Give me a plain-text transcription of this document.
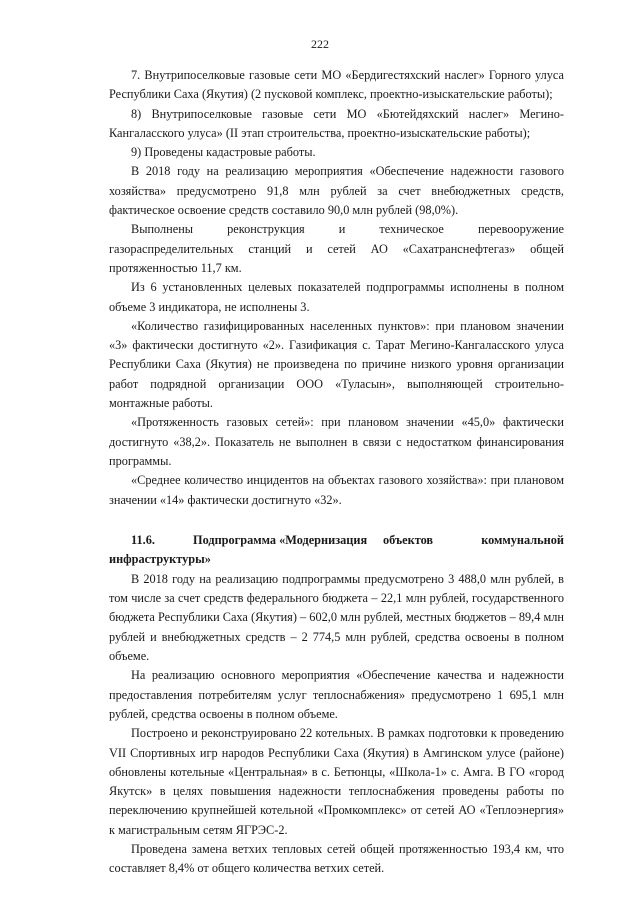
222

7. Внутрипоселковые газовые сети МО «Бердигестяхский наслег» Горного улуса Республики Саха (Якутия) (2 пусковой комплекс, проектно-изыскательские работы);

8) Внутрипоселковые газовые сети МО «Бютейдяхский наслег» Мегино-Кангаласского улуса» (II этап строительства, проектно-изыскательские работы);

9) Проведены кадастровые работы.

В 2018 году на реализацию мероприятия «Обеспечение надежности газового хозяйства» предусмотрено 91,8 млн рублей за счет внебюджетных средств, фактическое освоение средств составило 90,0 млн рублей (98,0%).

Выполнены реконструкция и техническое перевооружение газораспределительных станций и сетей АО «Сахатранснефтегаз» общей протяженностью 11,7 км.

Из 6 установленных целевых показателей подпрограммы исполнены в полном объеме 3 индикатора, не исполнены 3.

«Количество газифицированных населенных пунктов»: при плановом значении «3» фактически достигнуто «2». Газификация с. Тарат Мегино-Кангаласского улуса Республики Саха (Якутия) не произведена по причине низкого уровня организации работ подрядной организации ООО «Туласын», выполняющей строительно-монтажные работы.

«Протяженность газовых сетей»: при плановом значении «45,0» фактически достигнуто «38,2». Показатель не выполнен в связи с недостатком финансирования программы.

«Среднее количество инцидентов на объектах газового хозяйства»: при плановом значении «14» фактически достигнуто «32».

11.6.	Подпрограмма «Модернизация объектов	коммунальной
инфраструктуры»

В 2018 году на реализацию подпрограммы предусмотрено 3 488,0 млн рублей, в том числе за счет средств федерального бюджета – 22,1 млн рублей, государственного бюджета Республики Саха (Якутия) – 602,0 млн рублей, местных бюджетов – 89,4 млн рублей и внебюджетных средств – 2 774,5 млн рублей, средства освоены в полном объеме.

На реализацию основного мероприятия «Обеспечение качества и надежности предоставления потребителям услуг теплоснабжения» предусмотрено 1 695,1 млн рублей, средства освоены в полном объеме.

Построено и реконструировано 22 котельных. В рамках подготовки к проведению VII Спортивных игр народов Республики Саха (Якутия) в Амгинском улусе (районе) обновлены котельные «Центральная» в с. Бетюнцы, «Школа-1» с. Амга. В ГО «город Якутск» в целях повышения надежности теплоснабжения проведены работы по переключению крупнейшей котельной «Промкомплекс» от сетей АО «Теплоэнергия» к магистральным сетям ЯГРЭС-2.

Проведена замена ветхих тепловых сетей общей протяженностью 193,4 км, что составляет 8,4% от общего количества ветхих сетей.
